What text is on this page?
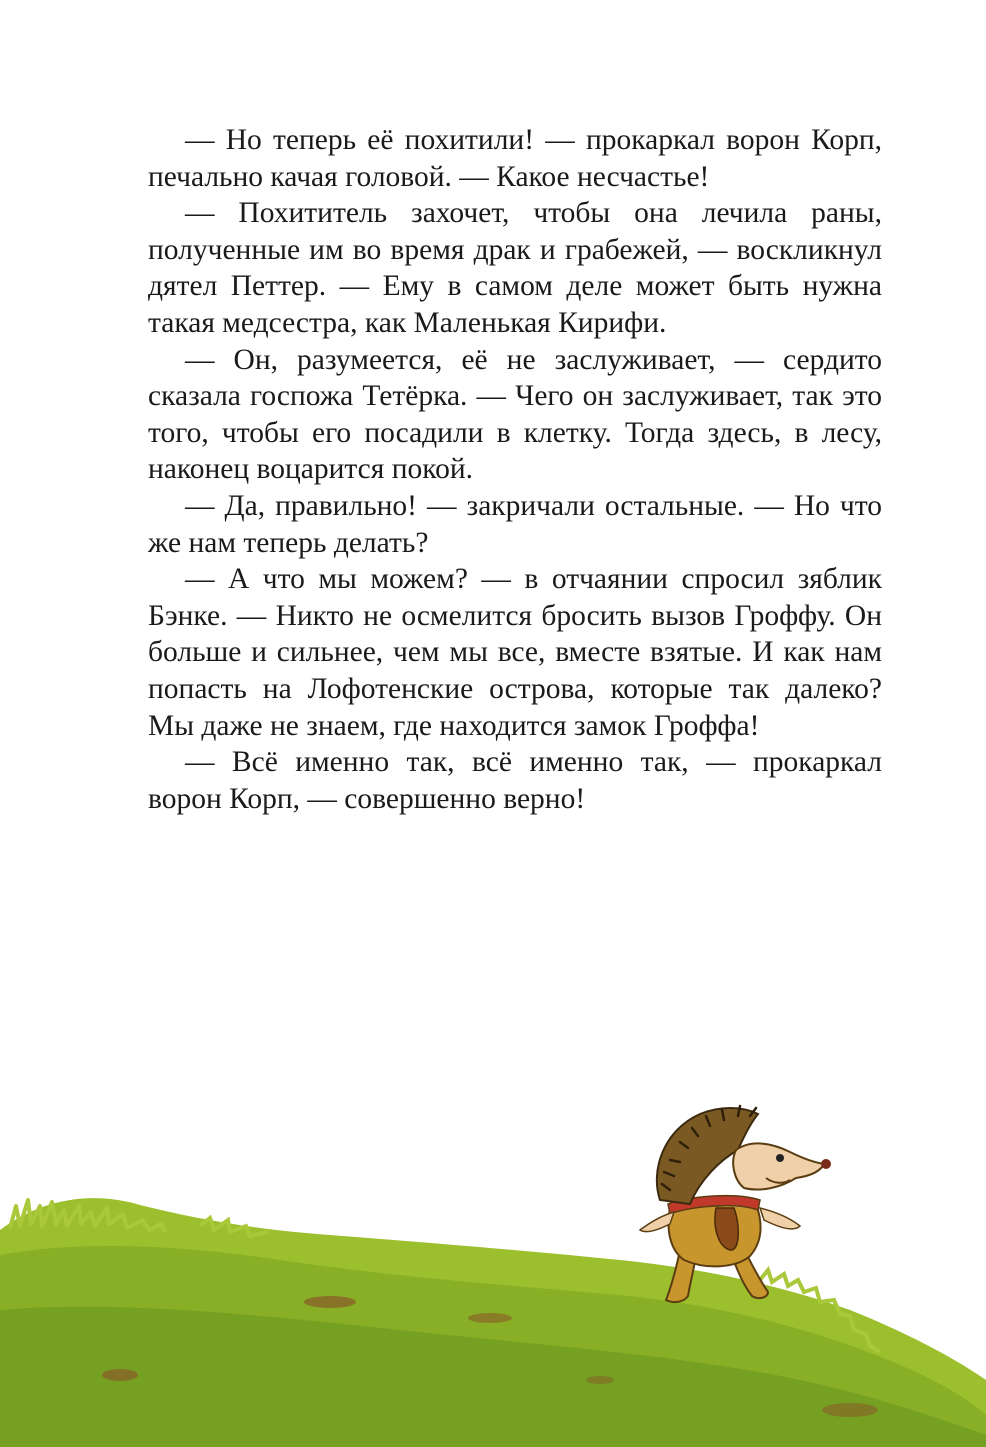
— Но теперь её похитили! — прокаркал ворон Корп, печально качая головой. — Какое несчастье!

— Похититель захочет, чтобы она лечила раны, полученные им во время драк и грабежей, — воскликнул дятел Петтер. — Ему в самом деле может быть нужна такая медсестра, как Маленькая Кирифи.

— Он, разумеется, её не заслуживает, — сердито сказала госпожа Тетёрка. — Чего он заслуживает, так это того, чтобы его посадили в клетку. Тогда здесь, в лесу, наконец воцарится покой.

— Да, правильно! — закричали остальные. — Но что же нам теперь делать?

— А что мы можем? — в отчаянии спросил зяблик Бэнке. — Никто не осмелится бросить вызов Гроффу. Он больше и сильнее, чем мы все, вместе взятые. И как нам попасть на Лофотенские острова, которые так далеко? Мы даже не знаем, где находится замок Гроффа!

— Всё именно так, всё именно так, — прокаркал ворон Корп, — совершенно верно!
